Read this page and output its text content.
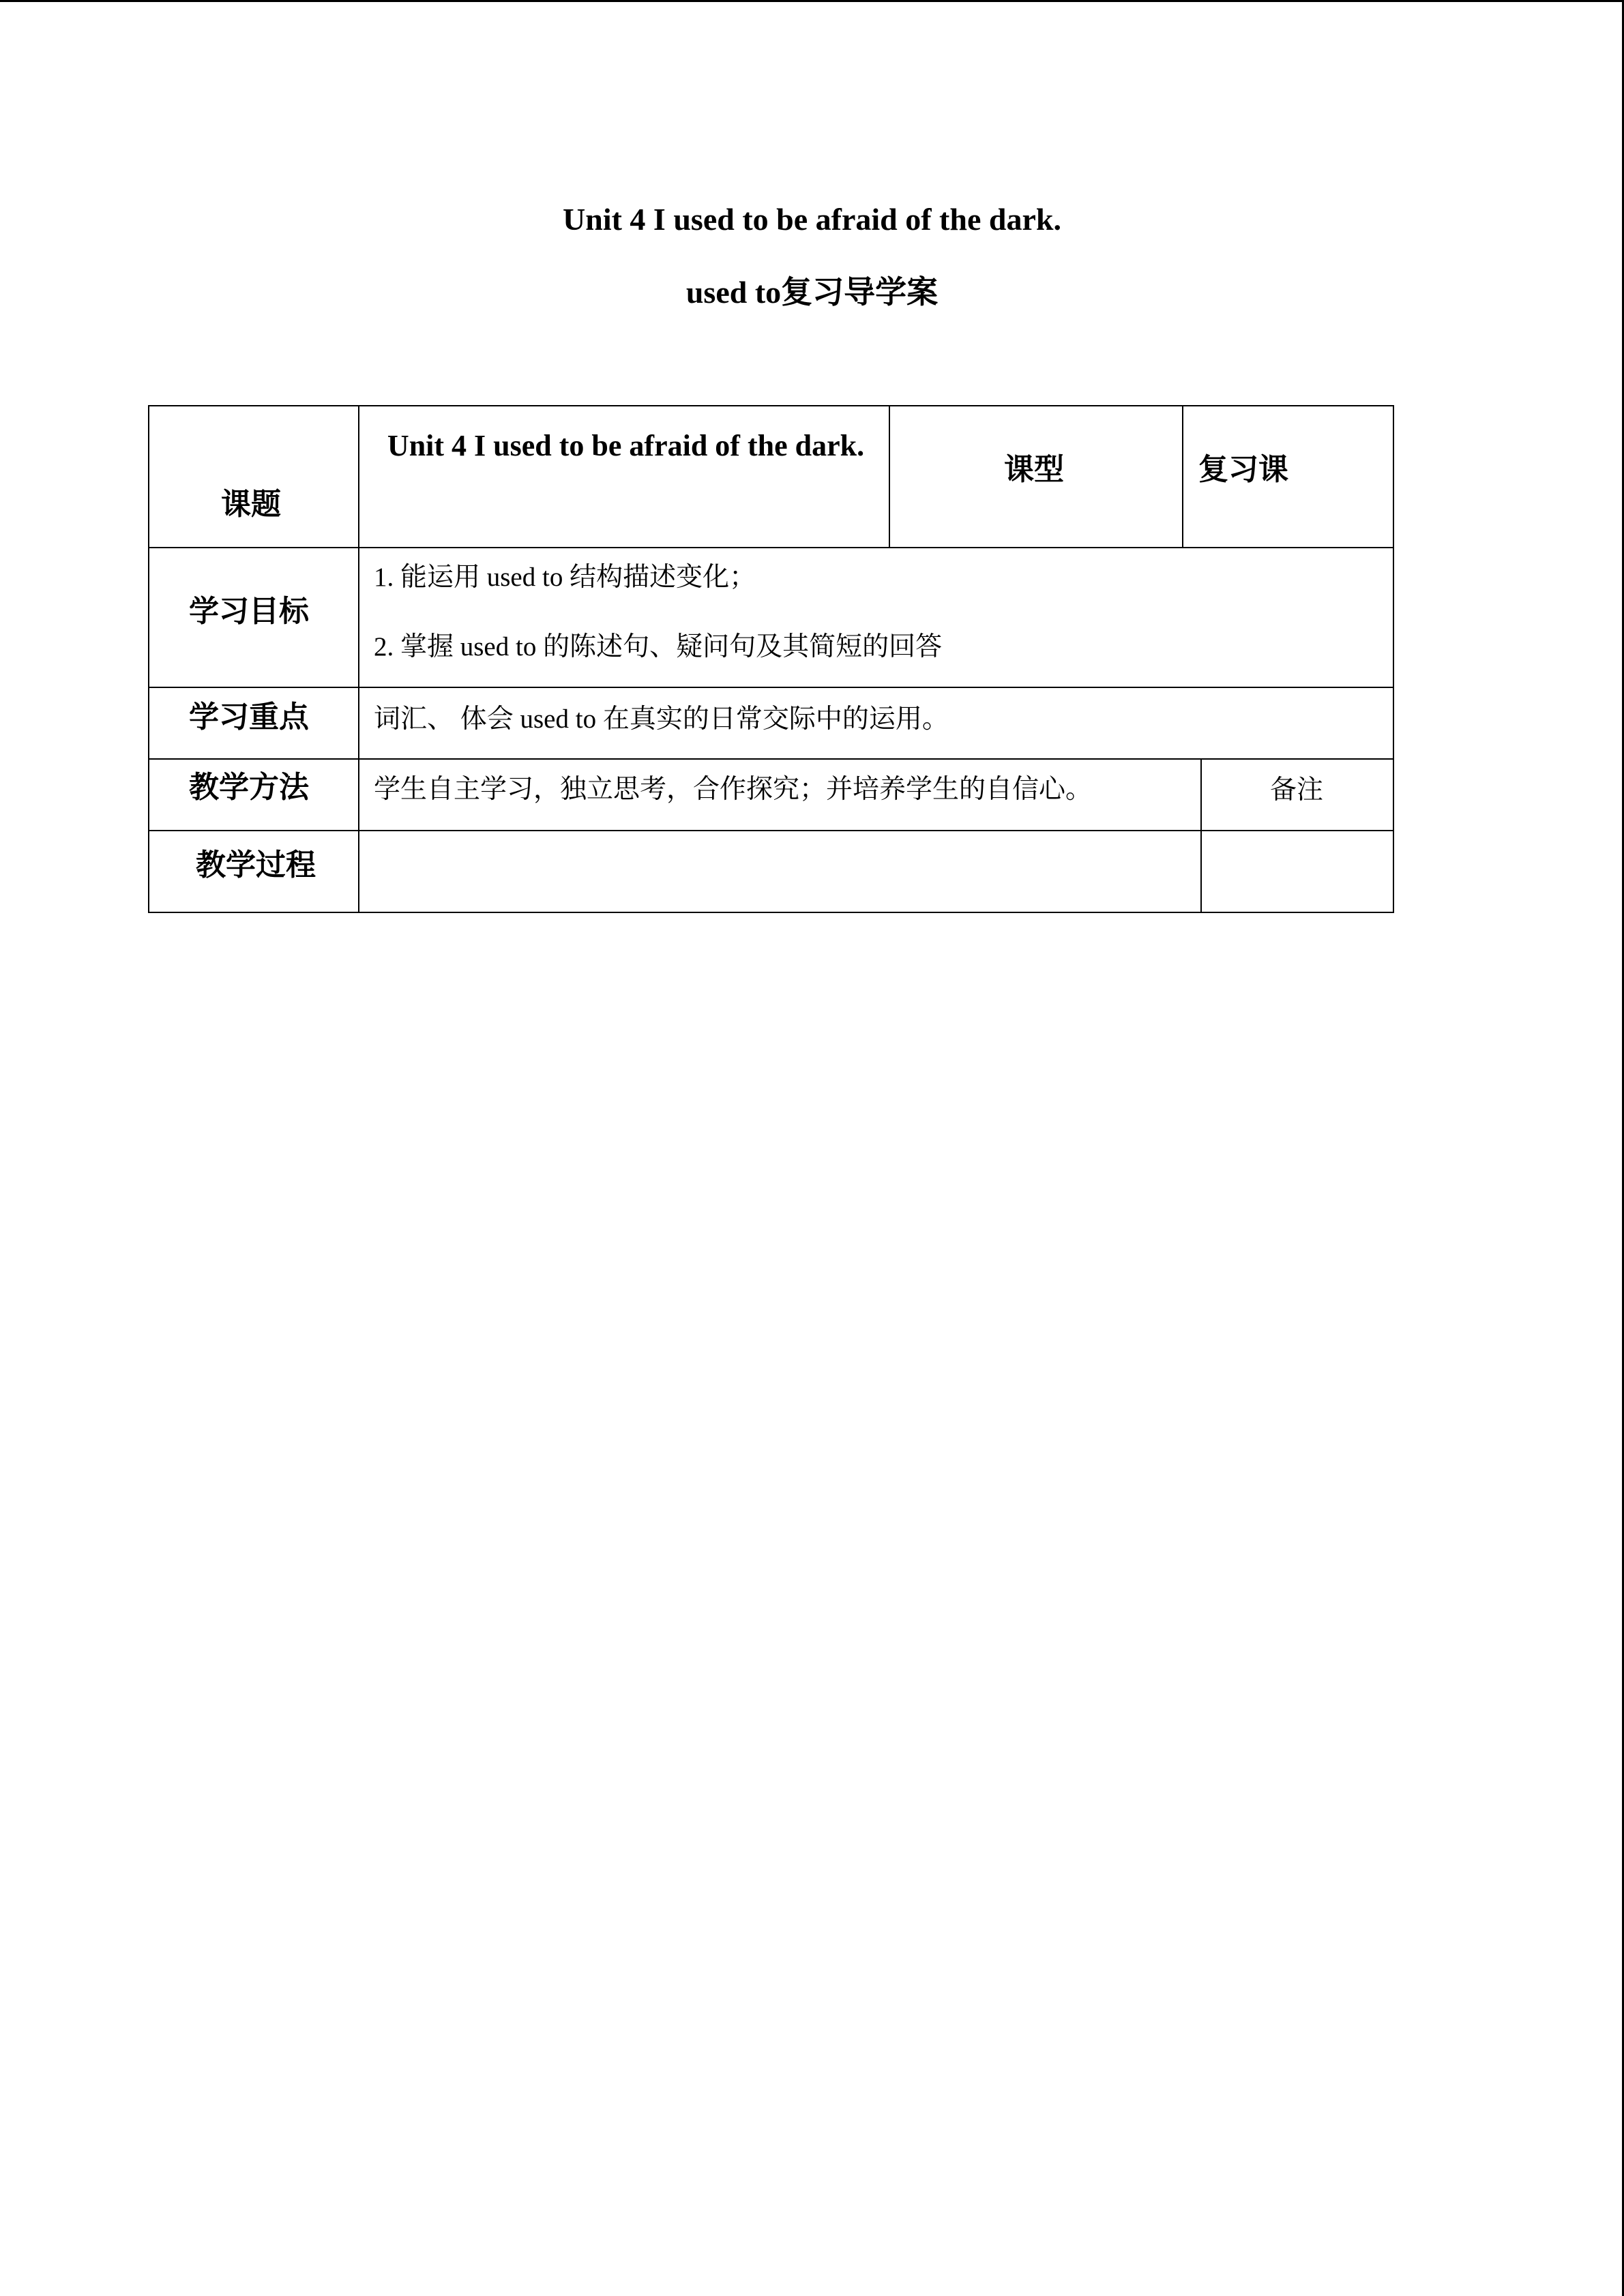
Unit 4 I used to be afraid of the dark.
used to复习导学案
课题
Unit 4 I used to be afraid of the dark.
课型	复习课
学习目标
1. 能运用 used to 结构描述变化；
2. 掌握 used to 的陈述句、疑问句及其简短的回答
学习重点 词汇、 体会 used to 在真实的日常交际中的运用。
教学方法 学生自主学习，独立思考，合作探究；并培养学生的自信心。	备注
教学过程
